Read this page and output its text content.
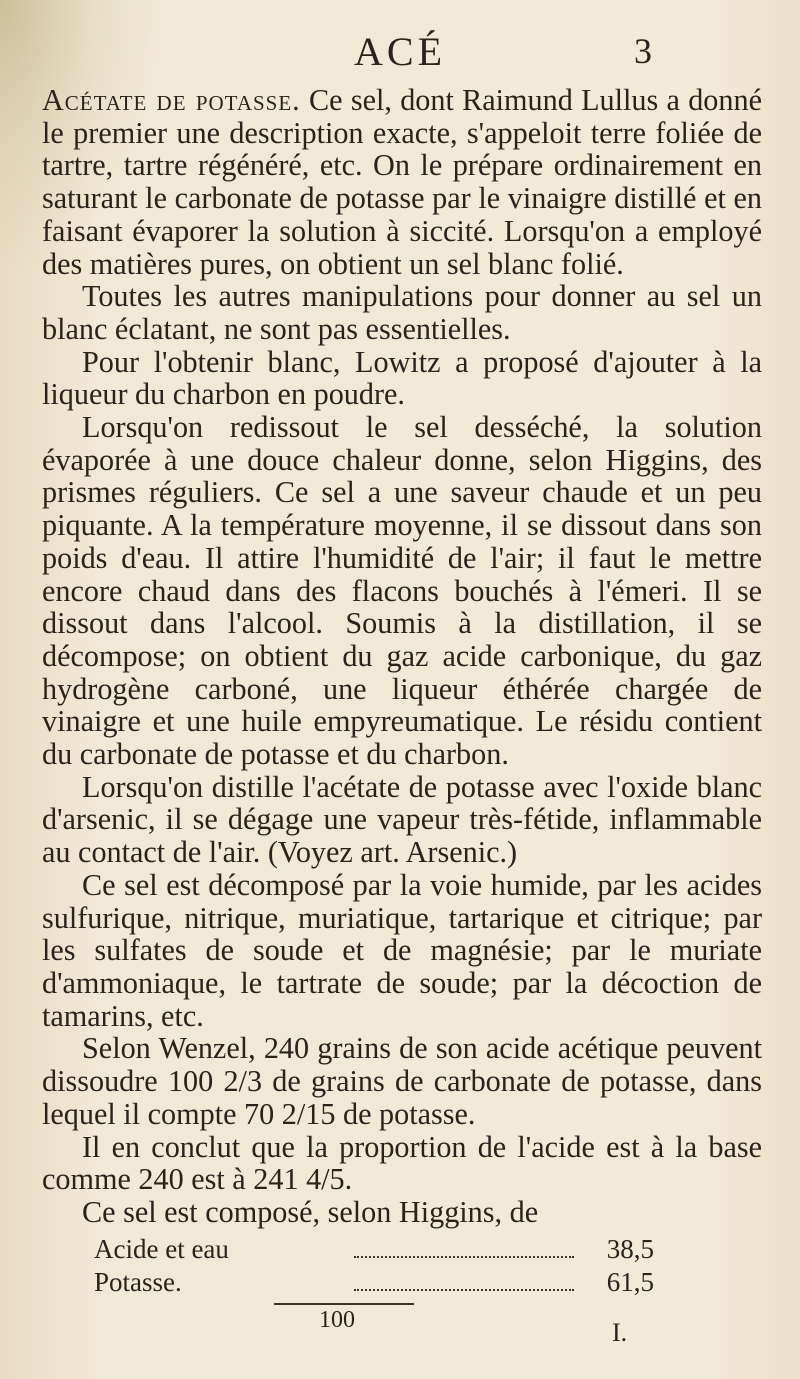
ACÉ	3

Acétate de potasse. Ce sel, dont Raimund Lullus a donné le premier une description exacte, s'appeloit terre foliée de tartre, tartre régénéré, etc. On le prépare ordinairement en saturant le carbonate de potasse par le vinaigre distillé et en faisant évaporer la solution à siccité. Lorsqu'on a employé des matières pures, on obtient un sel blanc folié.

Toutes les autres manipulations pour donner au sel un blanc éclatant, ne sont pas essentielles.

Pour l'obtenir blanc, Lowitz a proposé d'ajouter à la liqueur du charbon en poudre.

Lorsqu'on redissout le sel desséché, la solution évaporée à une douce chaleur donne, selon Higgins, des prismes réguliers. Ce sel a une saveur chaude et un peu piquante. A la température moyenne, il se dissout dans son poids d'eau. Il attire l'humidité de l'air; il faut le mettre encore chaud dans des flacons bouchés à l'émeri. Il se dissout dans l'alcool. Soumis à la distillation, il se décompose; on obtient du gaz acide carbonique, du gaz hydrogène carboné, une liqueur éthérée chargée de vinaigre et une huile empyreumatique. Le résidu contient du carbonate de potasse et du charbon.

Lorsqu'on distille l'acétate de potasse avec l'oxide blanc d'arsenic, il se dégage une vapeur très-fétide, inflammable au contact de l'air. (Voyez art. Arsenic.)

Ce sel est décomposé par la voie humide, par les acides sulfurique, nitrique, muriatique, tartarique et citrique; par les sulfates de soude et de magnésie; par le muriate d'ammoniaque, le tartrate de soude; par la décoction de tamarins, etc.

Selon Wenzel, 240 grains de son acide acétique peuvent dissoudre 100 2/3 de grains de carbonate de potasse, dans lequel il compte 70 2/15 de potasse.

Il en conclut que la proportion de l'acide est à la base comme 240 est à 241 4/5.

Ce sel est composé, selon Higgins, de

Acide et eau	38,5
Potasse.	61,5
100	I.
